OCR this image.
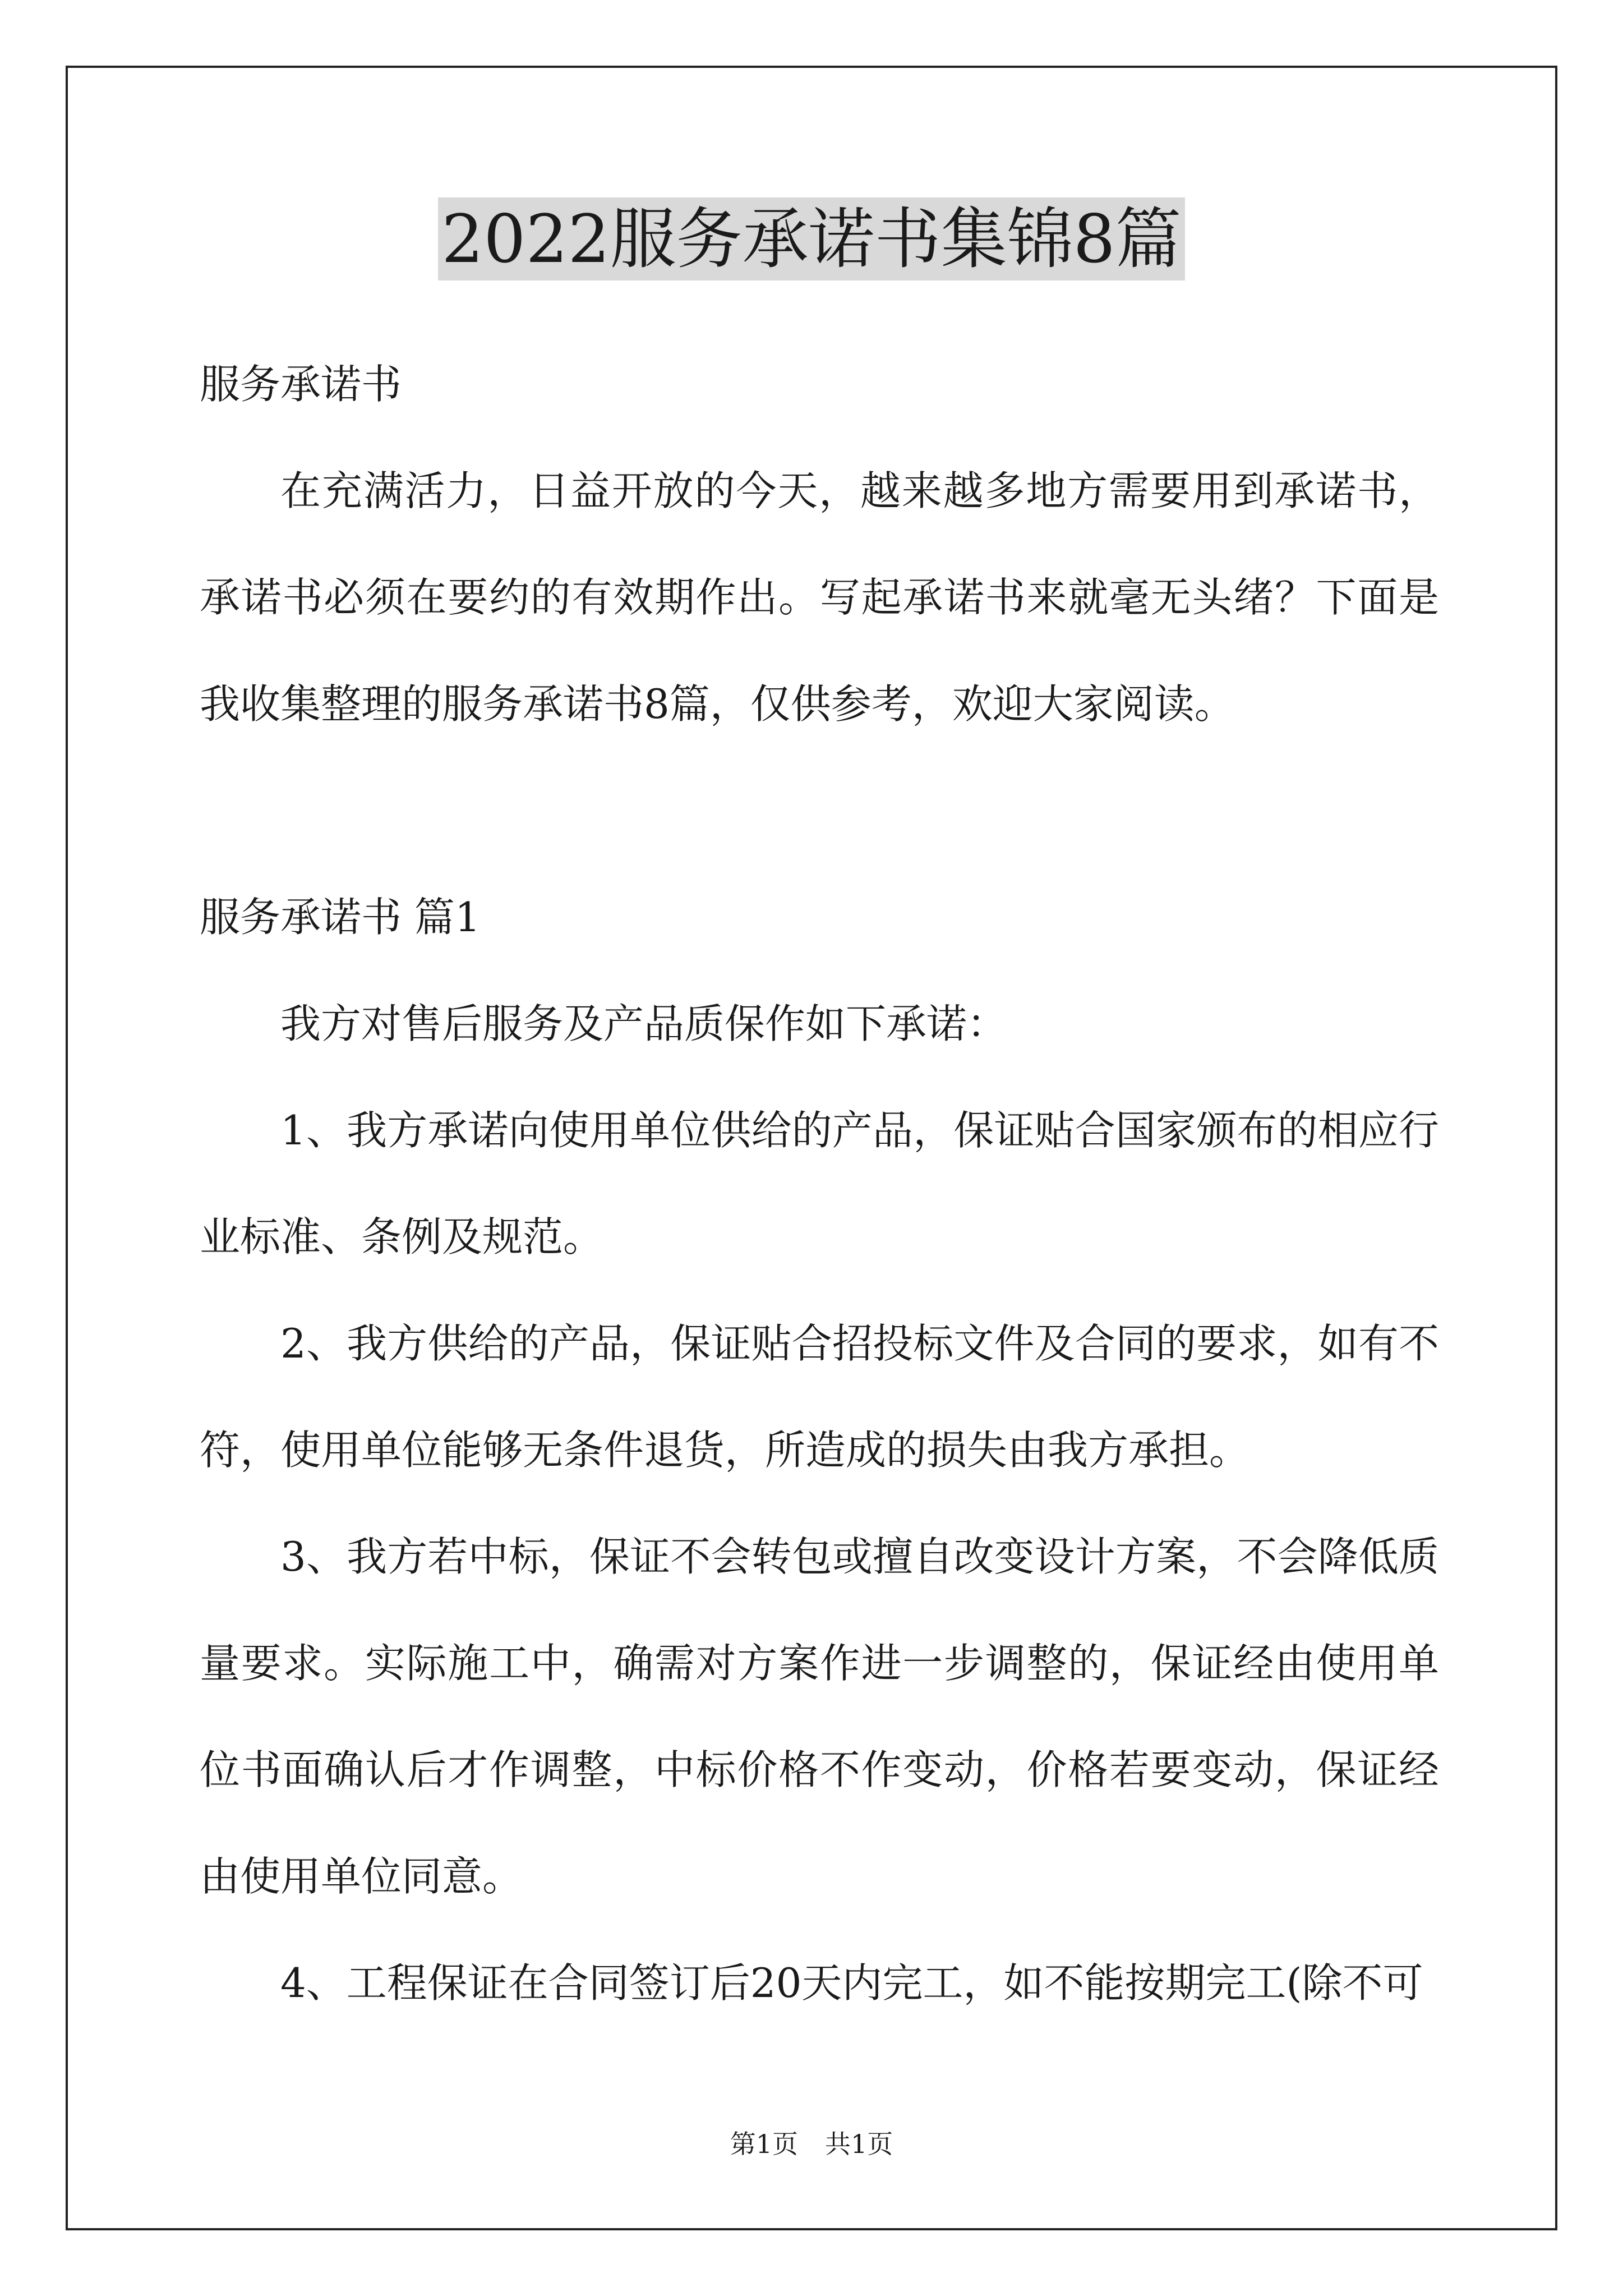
2022服务承诺书集锦8篇

服务承诺书

在充满活力，日益开放的今天，越来越多地方需要用到承诺书，承诺书必须在要约的有效期作出。写起承诺书来就毫无头绪？下面是我收集整理的服务承诺书8篇，仅供参考，欢迎大家阅读。

服务承诺书 篇1

我方对售后服务及产品质保作如下承诺：

1、我方承诺向使用单位供给的产品，保证贴合国家颁布的相应行业标准、条例及规范。

2、我方供给的产品，保证贴合招投标文件及合同的要求，如有不符，使用单位能够无条件退货，所造成的损失由我方承担。

3、我方若中标，保证不会转包或擅自改变设计方案，不会降低质量要求。实际施工中，确需对方案作进一步调整的，保证经由使用单位书面确认后才作调整，中标价格不作变动，价格若要变动，保证经由使用单位同意。

4、工程保证在合同签订后20天内完工，如不能按期完工(除不可

第1页 共1页
